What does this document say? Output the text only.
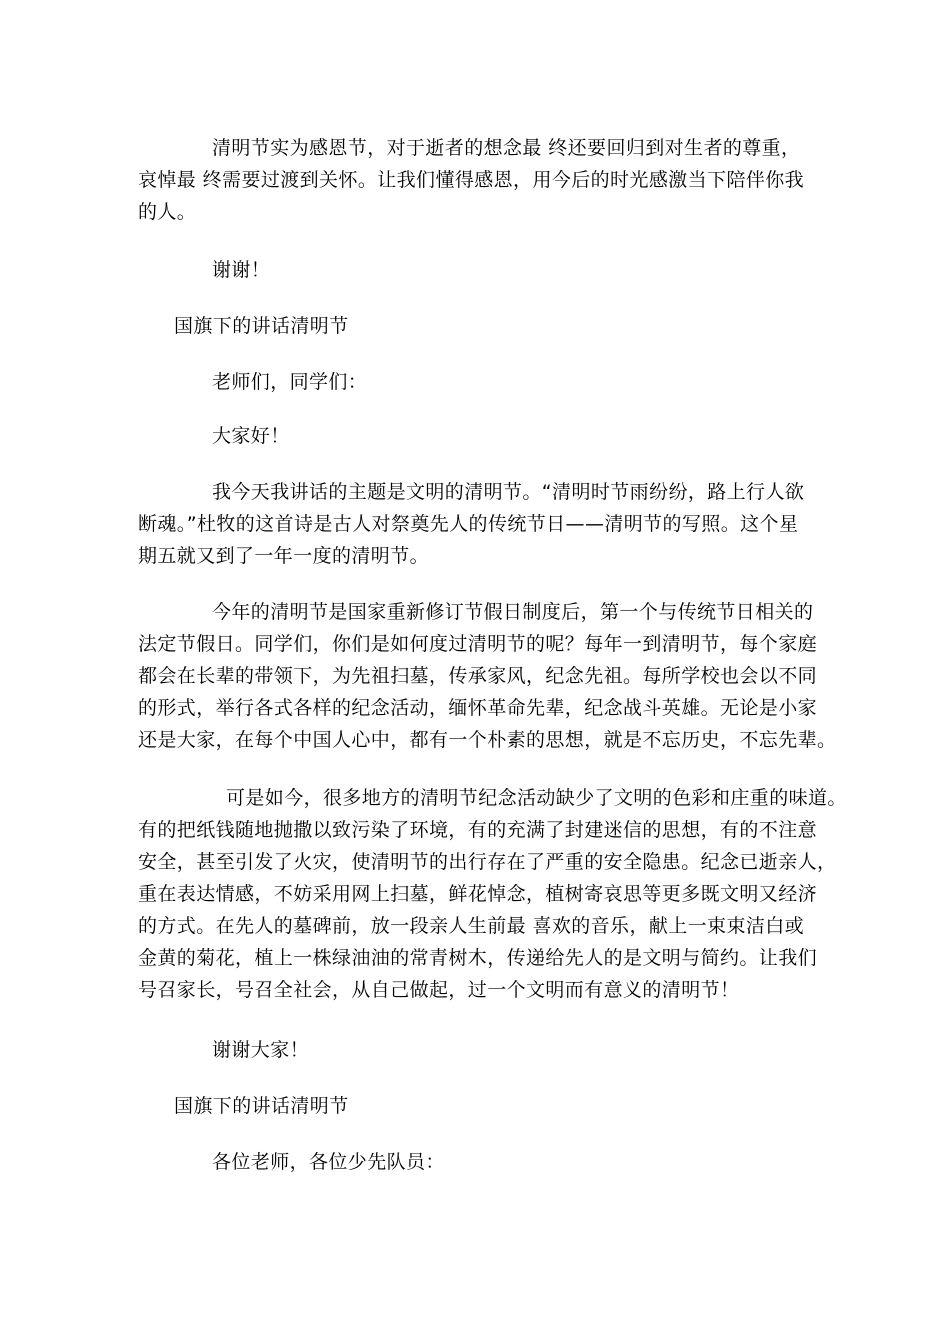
清明节实为感恩节，对于逝者的想念最 终还要回归到对生者的尊重，
哀悼最 终需要过渡到关怀。让我们懂得感恩，用今后的时光感激当下陪伴你我
的人。
谢谢！
国旗下的讲话清明节
老师们，同学们：
大家好！
我今天我讲话的主题是文明的清明节。“清明时节雨纷纷，路上行人欲
断魂。”杜牧的这首诗是古人对祭奠先人的传统节日——清明节的写照。这个星
期五就又到了一年一度的清明节。
今年的清明节是国家重新修订节假日制度后，第一个与传统节日相关的
法定节假日。同学们，你们是如何度过清明节的呢？每年一到清明节，每个家庭
都会在长辈的带领下，为先祖扫墓，传承家风，纪念先祖。每所学校也会以不同
的形式，举行各式各样的纪念活动，缅怀革命先辈，纪念战斗英雄。无论是小家
还是大家，在每个中国人心中，都有一个朴素的思想，就是不忘历史，不忘先辈。
可是如今，很多地方的清明节纪念活动缺少了文明的色彩和庄重的味道。
有的把纸钱随地抛撒以致污染了环境，有的充满了封建迷信的思想，有的不注意
安全，甚至引发了火灾，使清明节的出行存在了严重的安全隐患。纪念已逝亲人，
重在表达情感，不妨采用网上扫墓，鲜花悼念，植树寄哀思等更多既文明又经济
的方式。在先人的墓碑前，放一段亲人生前最 喜欢的音乐，献上一束束洁白或
金黄的菊花，植上一株绿油油的常青树木，传递给先人的是文明与简约。让我们
号召家长，号召全社会，从自己做起，过一个文明而有意义的清明节！
谢谢大家！
国旗下的讲话清明节
各位老师，各位少先队员：
